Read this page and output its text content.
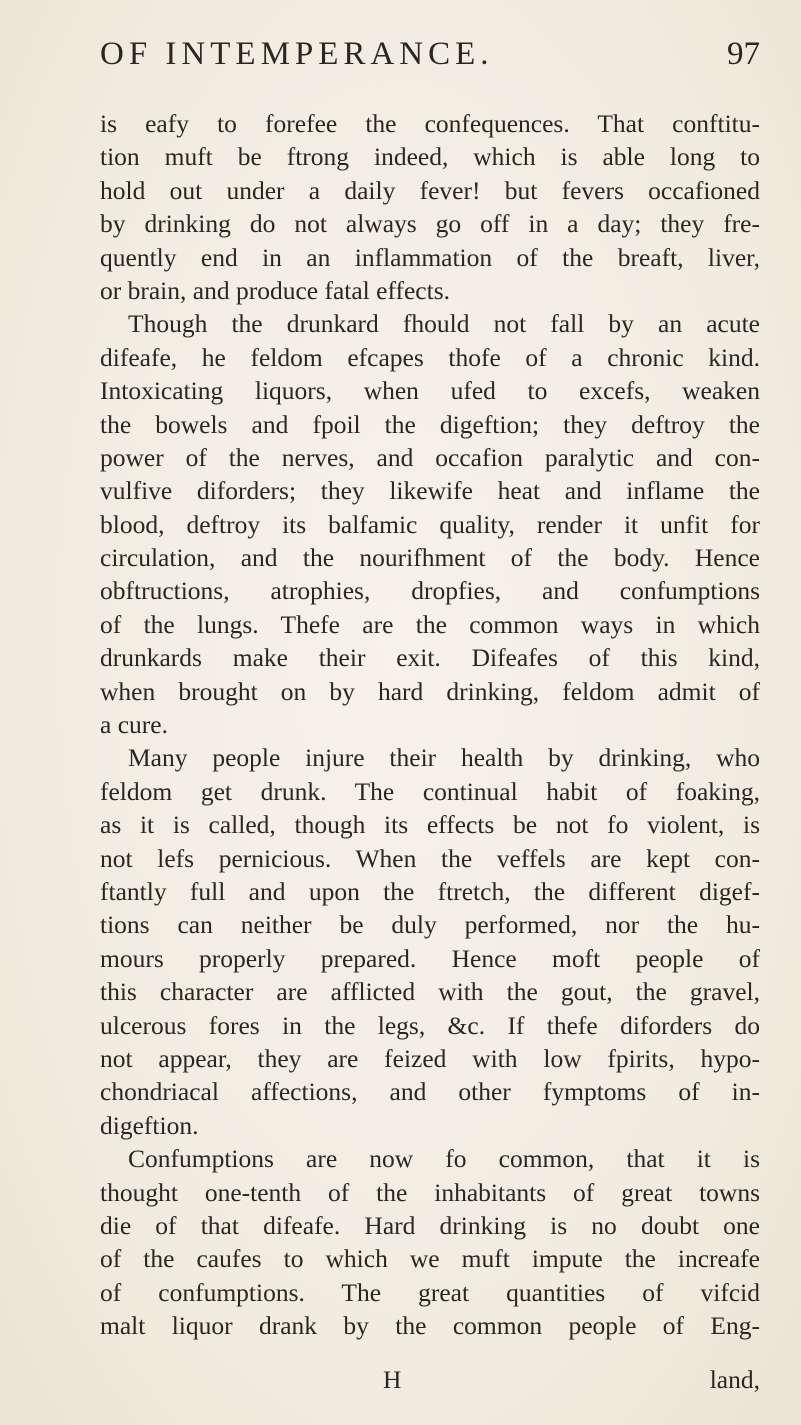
OF INTEMPERANCE.	97
is eafy to forefee the confequences. That conftitu-
tion muft be ftrong indeed, which is able long to
hold out under a daily fever! but fevers occafioned
by drinking do not always go off in a day; they fre-
quently end in an inflammation of the breaft, liver,
or brain, and produce fatal effects.
Though the drunkard fhould not fall by an acute
difeafe, he feldom efcapes thofe of a chronic kind.
Intoxicating liquors, when ufed to excefs, weaken
the bowels and fpoil the digeftion; they deftroy the
power of the nerves, and occafion paralytic and con-
vulfive diforders; they likewife heat and inflame the
blood, deftroy its balfamic quality, render it unfit for
circulation, and the nourifhment of the body. Hence
obftructions, atrophies, dropfies, and confumptions
of the lungs. Thefe are the common ways in which
drunkards make their exit. Difeafes of this kind,
when brought on by hard drinking, feldom admit of
a cure.
Many people injure their health by drinking, who
feldom get drunk. The continual habit of foaking,
as it is called, though its effects be not fo violent, is
not lefs pernicious. When the veffels are kept con-
ftantly full and upon the ftretch, the different digef-
tions can neither be duly performed, nor the hu-
mours properly prepared. Hence moft people of
this character are afflicted with the gout, the gravel,
ulcerous fores in the legs, &c. If thefe diforders do
not appear, they are feized with low fpirits, hypo-
chondriacal affections, and other fymptoms of in-
digeftion.
Confumptions are now fo common, that it is
thought one-tenth of the inhabitants of great towns
die of that difeafe. Hard drinking is no doubt one
of the caufes to which we muft impute the increafe
of confumptions. The great quantities of vifcid
malt liquor drank by the common people of Eng-
H	land,
